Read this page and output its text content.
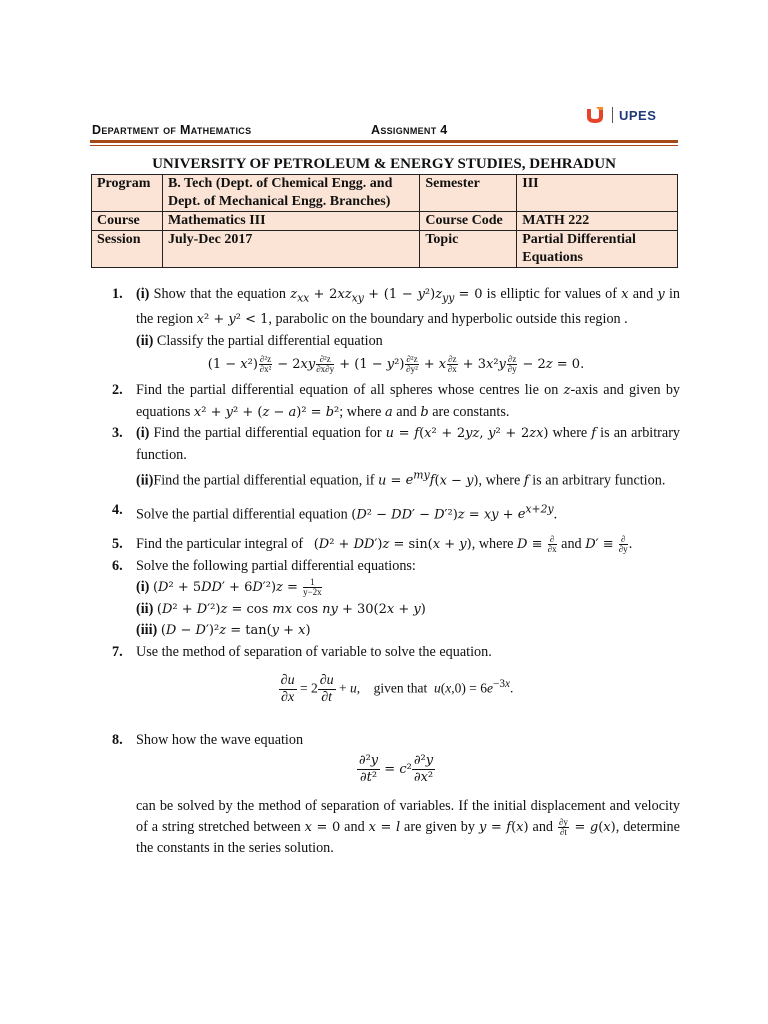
UPES
Department of Mathematics	Assignment 4
UNIVERSITY OF PETROLEUM & ENERGY STUDIES, DEHRADUN
Program	B. Tech (Dept. of Chemical Engg. and Dept. of Mechanical Engg. Branches)	Semester	III
Course	Mathematics III	Course Code	MATH 222
Session	July-Dec 2017	Topic	Partial Differential Equations
1. (i) Show that the equation $z_{xx} + 2xz_{xy} + (1 - y^2)z_{yy} = 0$ is elliptic for values of x and y in the region x² + y² < 1, parabolic on the boundary and hyperbolic outside this region .
(ii) Classify the partial differential equation
$(1 - x^2) \frac{\text{∂²z}}{\text{∂x²}} - 2xy \frac{\text{∂²z}}{\partial x\partial y} + (1 - y^2) \frac{\text{∂²z}}{\text{∂y²}} + x \frac{\partial z}{\partial x} + 3x^2y \frac{\partial z}{\partial y} - 2z = 0$.
2. Find the partial differential equation of all spheres whose centres lie on z-axis and given by equations x² + y² + (z − a)² = b²; where a and b are constants.
3. (i) Find the partial differential equation for u = f(x² + 2yz, y² + 2zx) where f is an arbitrary function.
(ii)Find the partial differential equation, if $u = e^{my}f(x - y)$, where f is an arbitrary function.
4. Solve the partial differential equation (D² − DD′ − D′²)z = xy + $e^{x+2y}$.
5. Find the particular integral of   (D² + DD′)z = sin(x + y), where $D \equiv \frac{\partial}{\partial x}$ and $D' \equiv \frac{\partial}{\partial y}$ .
6. Solve the following partial differential equations:
(i) $(D^2 + 5DD' + 6D'^2)z = \frac{1}{y-2x}$
(ii) (D² + D′²)z = cos mx cos ny + 30(2x + y)
(iii) (D − D′)²z = tan(y + x)
7. Use the method of separation of variable to solve the equation.
$\frac{\partial u}{\partial x} = 2 \frac{\partial u}{\partial t} + u$,    given that  $u(x,0) = 6e^{-3x}$.
8. Show how the wave equation
$\frac{\text{∂²y}}{\text{∂t²}} = c^2 \frac{\text{∂²y}}{\text{∂x²}}$
can be solved by the method of separation of variables. If the initial displacement and velocity of a string stretched between x = 0 and x = l are given by y = f(x) and $\frac{\partial y}{\partial t} = g(x)$, determine the constants in the series solution.
